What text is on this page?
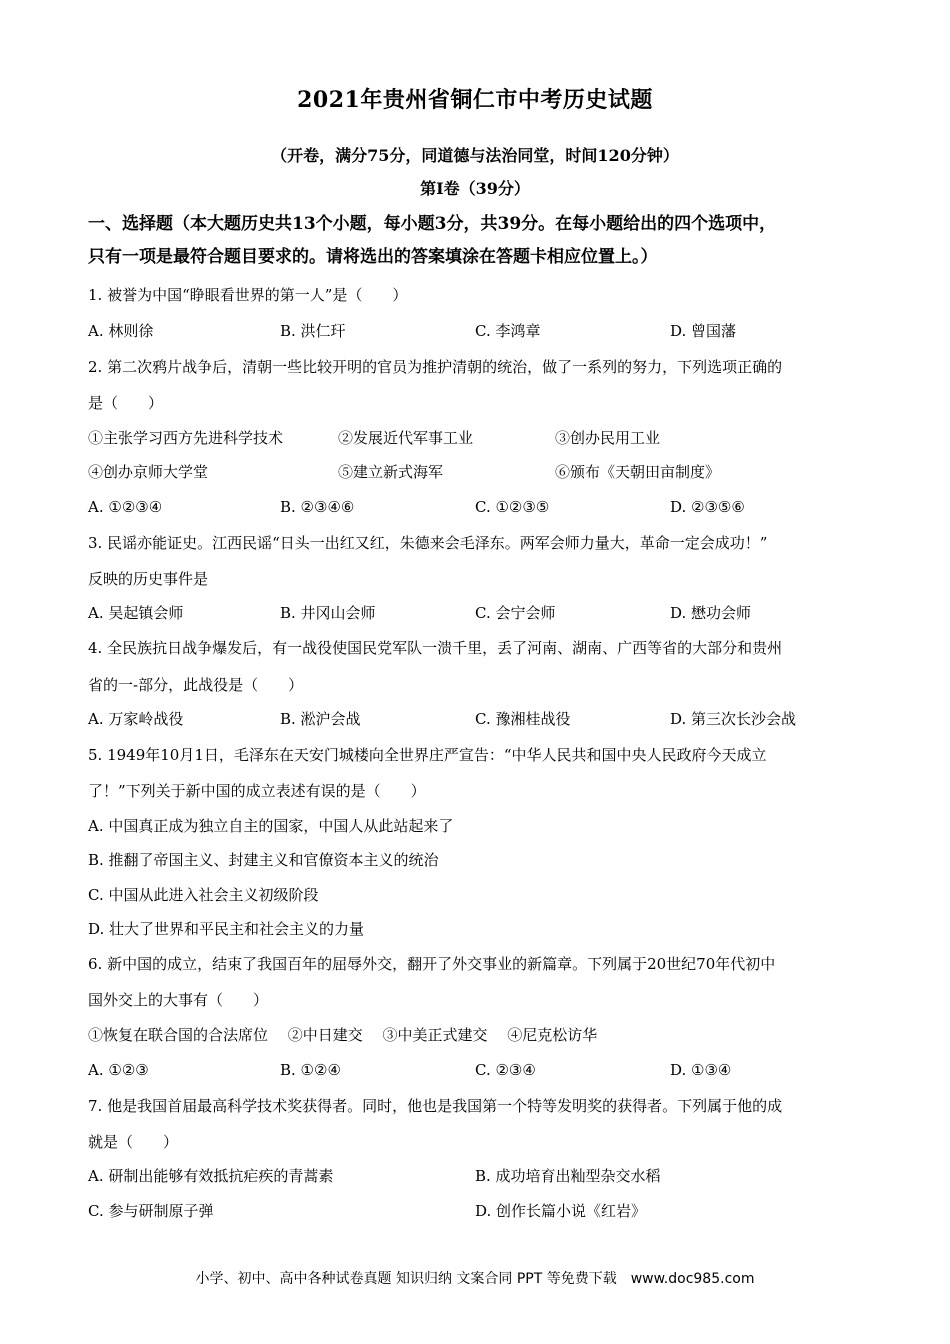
2021年贵州省铜仁市中考历史试题
（开卷，满分75分，同道德与法治同堂，时间120分钟）
第Ⅰ卷（39分）
一、选择题（本大题历史共13个小题，每小题3分，共39分。在每小题给出的四个选项中，
只有一项是最符合题目要求的。请将选出的答案填涂在答题卡相应位置上。）
1. 被誉为中国“睁眼看世界的第一人”是（　　）
A. 林则徐	B. 洪仁玕	C. 李鸿章	D. 曾国藩
2. 第二次鸦片战争后，清朝一些比较开明的官员为推护清朝的统治，做了一系列的努力，下列选项正确的
是（　　）
①主张学习西方先进科学技术	②发展近代军事工业	③创办民用工业
④创办京师大学堂	⑤建立新式海军	⑥颁布《天朝田亩制度》
A. ①②③④	B. ②③④⑥	C. ①②③⑤	D. ②③⑤⑥
3. 民谣亦能证史。江西民谣“日头一出红又红，朱德来会毛泽东。两军会师力量大，革命一定会成功！”
反映的历史事件是
A. 吴起镇会师	B. 井冈山会师	C. 会宁会师	D. 懋功会师
4. 全民族抗日战争爆发后，有一战役使国民党军队一溃千里，丢了河南、湖南、广西等省的大部分和贵州
省的一-部分，此战役是（　　）
A. 万家岭战役	B. 淞沪会战	C. 豫湘桂战役	D. 第三次长沙会战
5. 1949年10月1日，毛泽东在天安门城楼向全世界庄严宣告：“中华人民共和国中央人民政府今天成立
了！”下列关于新中国的成立表述有误的是（　　）
A. 中国真正成为独立自主的国家，中国人从此站起来了
B. 推翻了帝国主义、封建主义和官僚资本主义的统治
C. 中国从此进入社会主义初级阶段
D. 壮大了世界和平民主和社会主义的力量
6. 新中国的成立，结束了我国百年的屈辱外交，翻开了外交事业的新篇章。下列属于20世纪70年代初中
国外交上的大事有（　　）
①恢复在联合国的合法席位　 ②中日建交　 ③中美正式建交　 ④尼克松访华
A. ①②③	B. ①②④	C. ②③④	D. ①③④
7. 他是我国首届最高科学技术奖获得者。同时，他也是我国第一个特等发明奖的获得者。下列属于他的成
就是（　　）
A. 研制出能够有效抵抗疟疾的青蒿素	B. 成功培育出籼型杂交水稻
C. 参与研制原子弹	D. 创作长篇小说《红岩》
小学、初中、高中各种试卷真题 知识归纳 文案合同 PPT 等免费下载　www.doc985.com
